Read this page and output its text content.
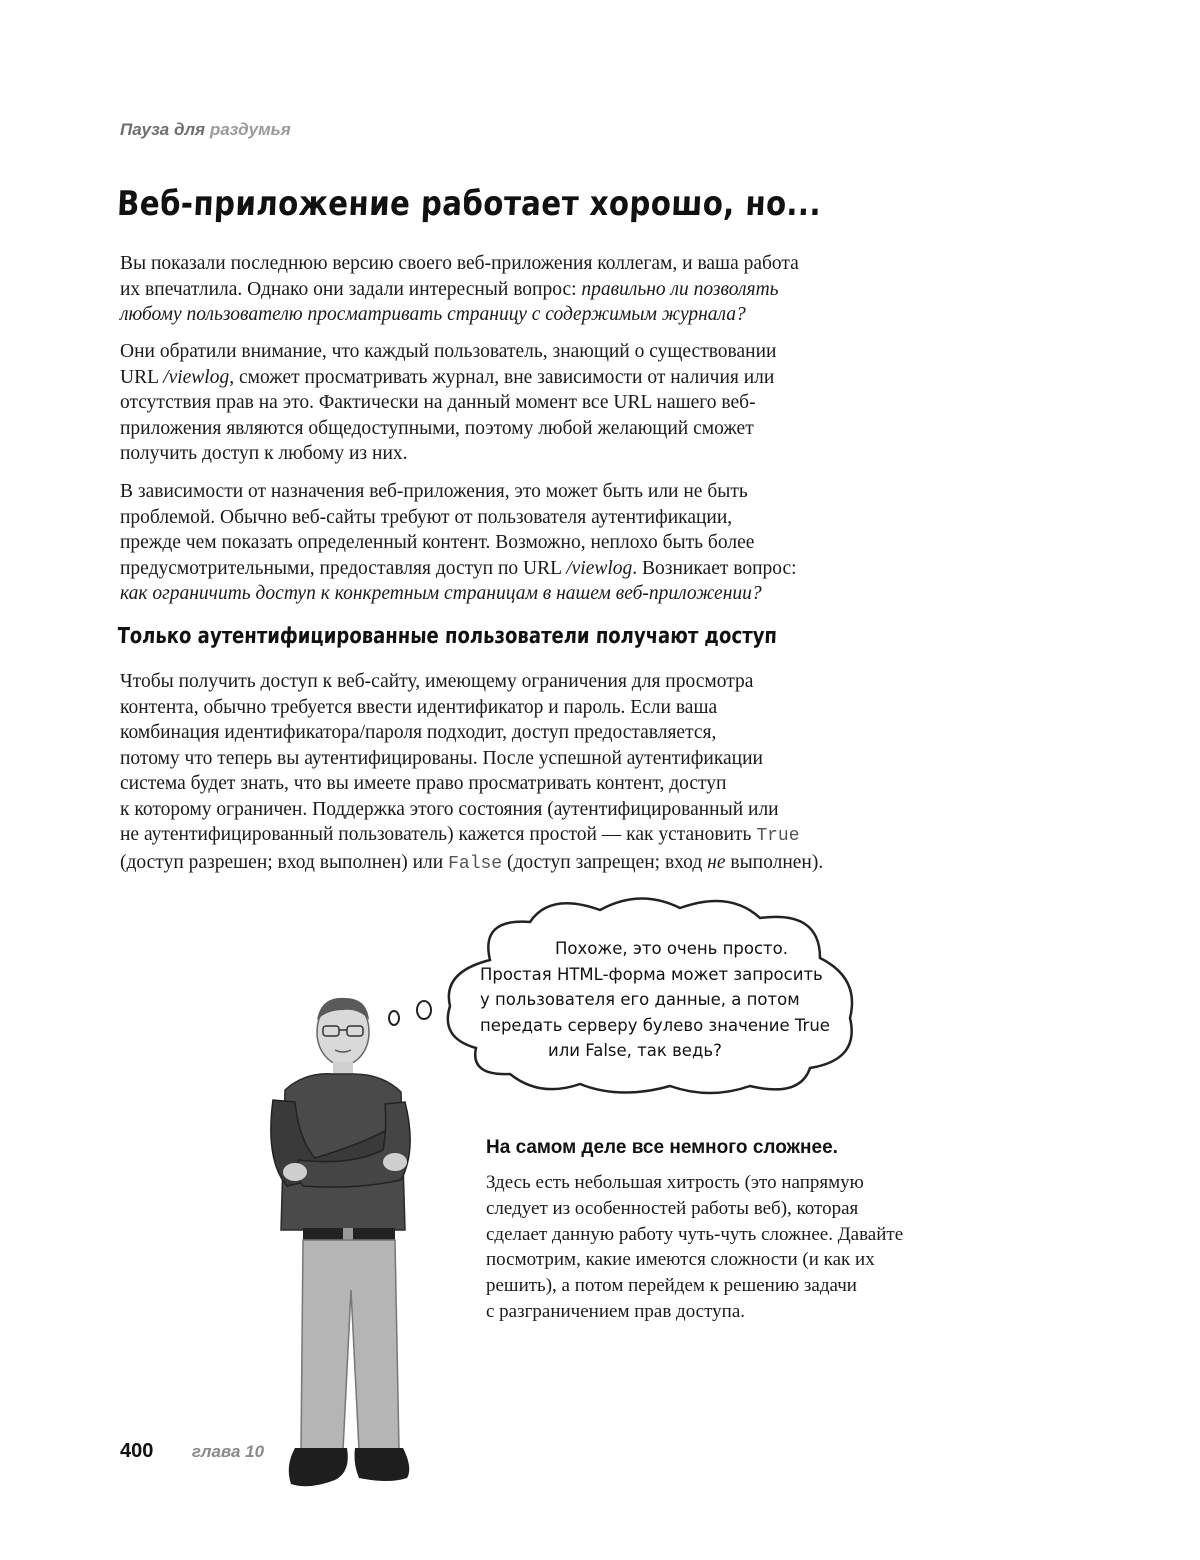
Пауза для раздумья
Веб-приложение работает хорошо, но...
Вы показали последнюю версию своего веб-приложения коллегам, и ваша работа
их впечатлила. Однако они задали интересный вопрос: правильно ли позволять
любому пользователю просматривать страницу с содержимым журнала?
Они обратили внимание, что каждый пользователь, знающий о существовании
URL /viewlog, сможет просматривать журнал, вне зависимости от наличия или
отсутствия прав на это. Фактически на данный момент все URL нашего веб-
приложения являются общедоступными, поэтому любой желающий сможет
получить доступ к любому из них.
В зависимости от назначения веб-приложения, это может быть или не быть
проблемой. Обычно веб-сайты требуют от пользователя аутентификации,
прежде чем показать определенный контент. Возможно, неплохо быть более
предусмотрительными, предоставляя доступ по URL /viewlog. Возникает вопрос:
как ограничить доступ к конкретным страницам в нашем веб-приложении?
Только аутентифицированные пользователи получают доступ
Чтобы получить доступ к веб-сайту, имеющему ограничения для просмотра
контента, обычно требуется ввести идентификатор и пароль. Если ваша
комбинация идентификатора/пароля подходит, доступ предоставляется,
потому что теперь вы аутентифицированы. После успешной аутентификации
система будет знать, что вы имеете право просматривать контент, доступ
к которому ограничен. Поддержка этого состояния (аутентифицированный или
не аутентифицированный пользователь) кажется простой — как установить True
(доступ разрешен; вход выполнен) или False (доступ запрещен; вход не выполнен).
Похоже, это очень просто.
Простая HTML-форма может запросить
у пользователя его данные, а потом
передать серверу булево значение True
или False, так ведь?
На самом деле все немного сложнее.

Здесь есть небольшая хитрость (это напрямую
следует из особенностей работы веб), которая
сделает данную работу чуть-чуть сложнее. Давайте
посмотрим, какие имеются сложности (и как их
решить), а потом перейдем к решению задачи
с разграничением прав доступа.

400 глава 10
